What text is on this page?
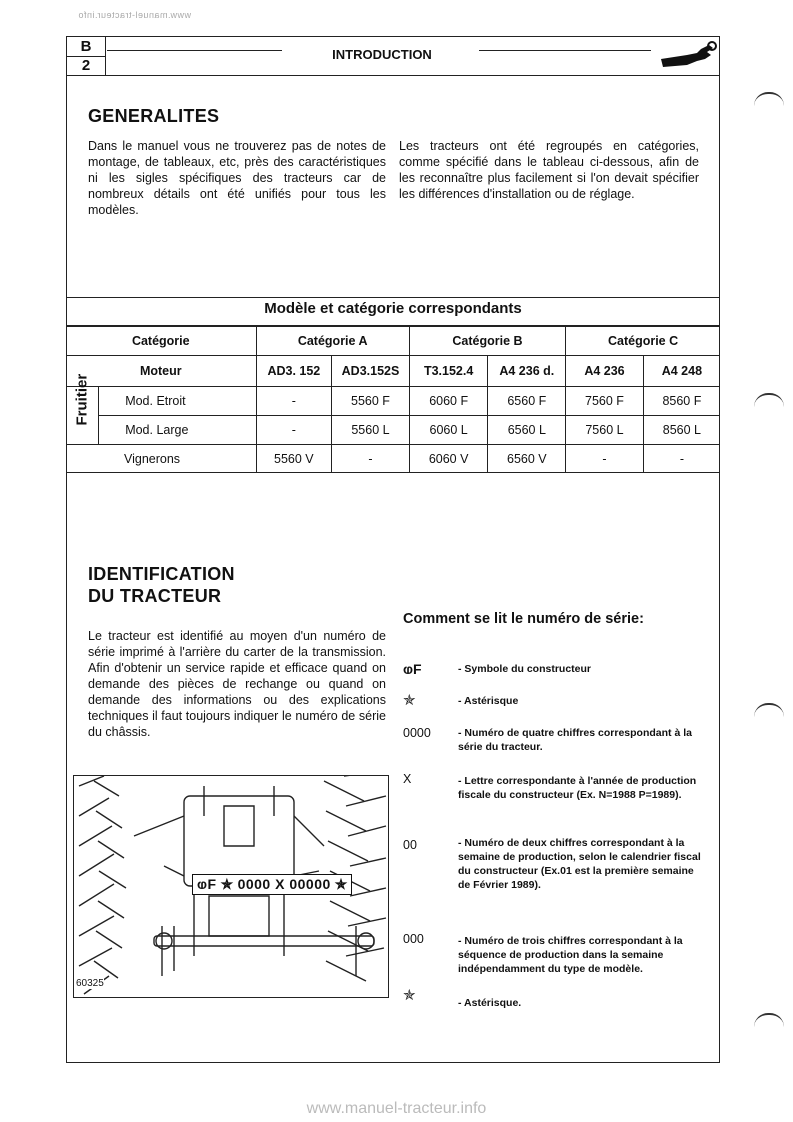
www.manuel-tracteur.info
B
2
INTRODUCTION
GENERALITES
Dans le manuel vous ne trouverez pas de notes de montage, de tableaux, etc, près des caractéristiques ni les sigles spécifiques des tracteurs car de nombreux détails ont été unifiés pour tous les modèles.
Les tracteurs ont été regroupés en catégories, comme spécifié dans le tableau ci-dessous, afin de les reconnaître plus facilement si l'on devait spécifier les différences d'installation ou de réglage.
Modèle et catégorie correspondants
Catégorie		Catégorie A		Catégorie B		Catégorie C	
Moteur		AD3. 152	AD3.152S	T3.152.4	A4 236 d.	A4 236	A4 248

Fruitier	Mod. Etroit	-	5560 F	6060 F	6560 F	7560 F	8560 F
	Mod. Large	-	5560 L	6060 L	6560 L	7560 L	8560 L
Vignerons		5560 V	-	6060 V	6560 V	-	-
IDENTIFICATION
DU TRACTEUR
Le tracteur est identifié au moyen d'un numéro de série imprimé à l'arrière du carter de la transmission. Afin d'obtenir un service rapide et efficace quand on demande des pièces de rechange ou quand on demande des informations ou des explications techniques il faut toujours indiquer le numéro de série du châssis.
ⱷF ✯ 0000 X 00000 ✯
60325
Comment se lit le numéro de série:
ⱷF	- Symbole du constructeur
✯	- Astérisque
0000	- Numéro de quatre chiffres correspondant à la série du tracteur.
X	- Lettre correspondante à l'année de production fiscale du constructeur (Ex. N=1988 P=1989).
00	- Numéro de deux chiffres correspondant à la semaine de production, selon le calendrier fiscal du constructeur (Ex.01 est la première semaine de Février 1989).
000	- Numéro de trois chiffres correspondant à la séquence de production dans la semaine indépendamment du type de modèle.
✯	- Astérisque.
www.manuel-tracteur.info
